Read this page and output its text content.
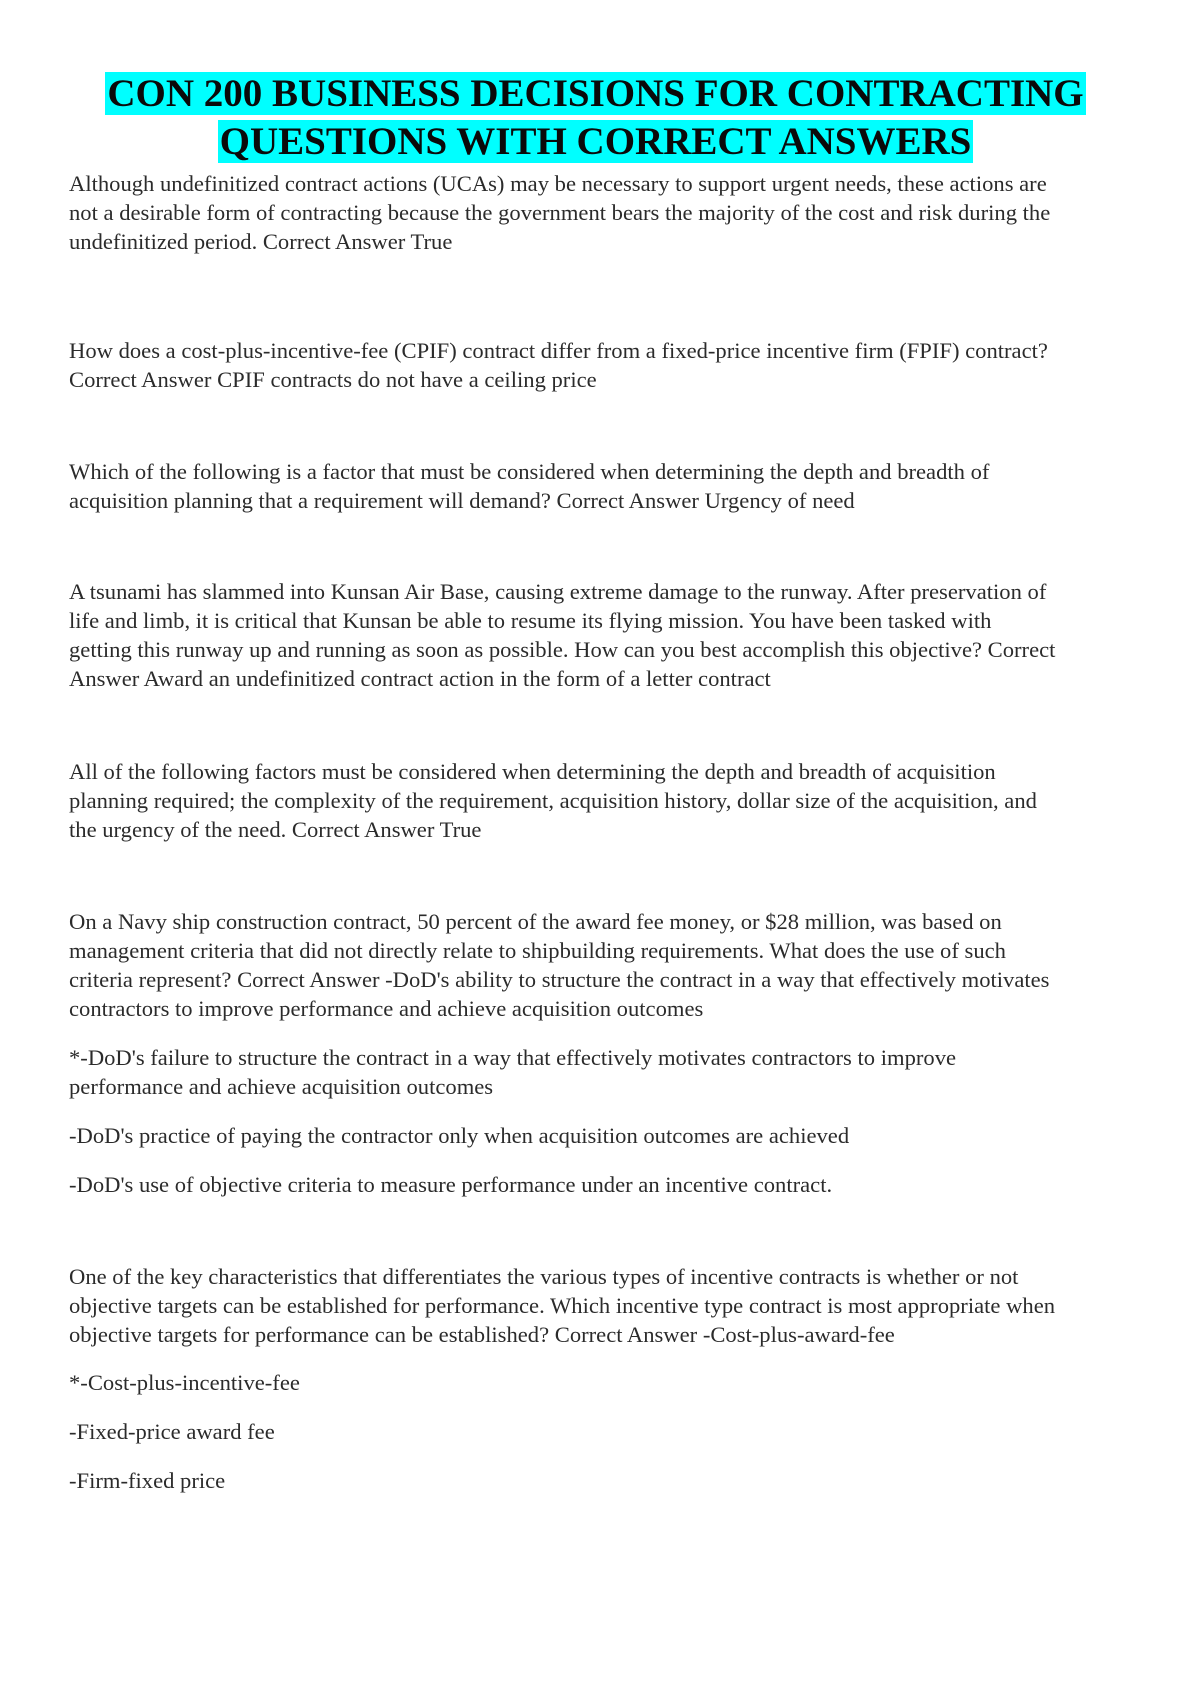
CON 200 BUSINESS DECISIONS FOR CONTRACTING
QUESTIONS WITH CORRECT ANSWERS
Although undefinitized contract actions (UCAs) may be necessary to support urgent needs, these actions are
not a desirable form of contracting because the government bears the majority of the cost and risk during the
undefinitized period. Correct Answer True
How does a cost-plus-incentive-fee (CPIF) contract differ from a fixed-price incentive firm (FPIF) contract?
Correct Answer CPIF contracts do not have a ceiling price
Which of the following is a factor that must be considered when determining the depth and breadth of
acquisition planning that a requirement will demand? Correct Answer Urgency of need
A tsunami has slammed into Kunsan Air Base, causing extreme damage to the runway. After preservation of
life and limb, it is critical that Kunsan be able to resume its flying mission. You have been tasked with
getting this runway up and running as soon as possible. How can you best accomplish this objective? Correct
Answer Award an undefinitized contract action in the form of a letter contract
All of the following factors must be considered when determining the depth and breadth of acquisition
planning required; the complexity of the requirement, acquisition history, dollar size of the acquisition, and
the urgency of the need. Correct Answer True
On a Navy ship construction contract, 50 percent of the award fee money, or $28 million, was based on
management criteria that did not directly relate to shipbuilding requirements. What does the use of such
criteria represent? Correct Answer -DoD's ability to structure the contract in a way that effectively motivates
contractors to improve performance and achieve acquisition outcomes
*-DoD's failure to structure the contract in a way that effectively motivates contractors to improve
performance and achieve acquisition outcomes
-DoD's practice of paying the contractor only when acquisition outcomes are achieved
-DoD's use of objective criteria to measure performance under an incentive contract.
One of the key characteristics that differentiates the various types of incentive contracts is whether or not
objective targets can be established for performance. Which incentive type contract is most appropriate when
objective targets for performance can be established? Correct Answer -Cost-plus-award-fee
*-Cost-plus-incentive-fee
-Fixed-price award fee
-Firm-fixed price
